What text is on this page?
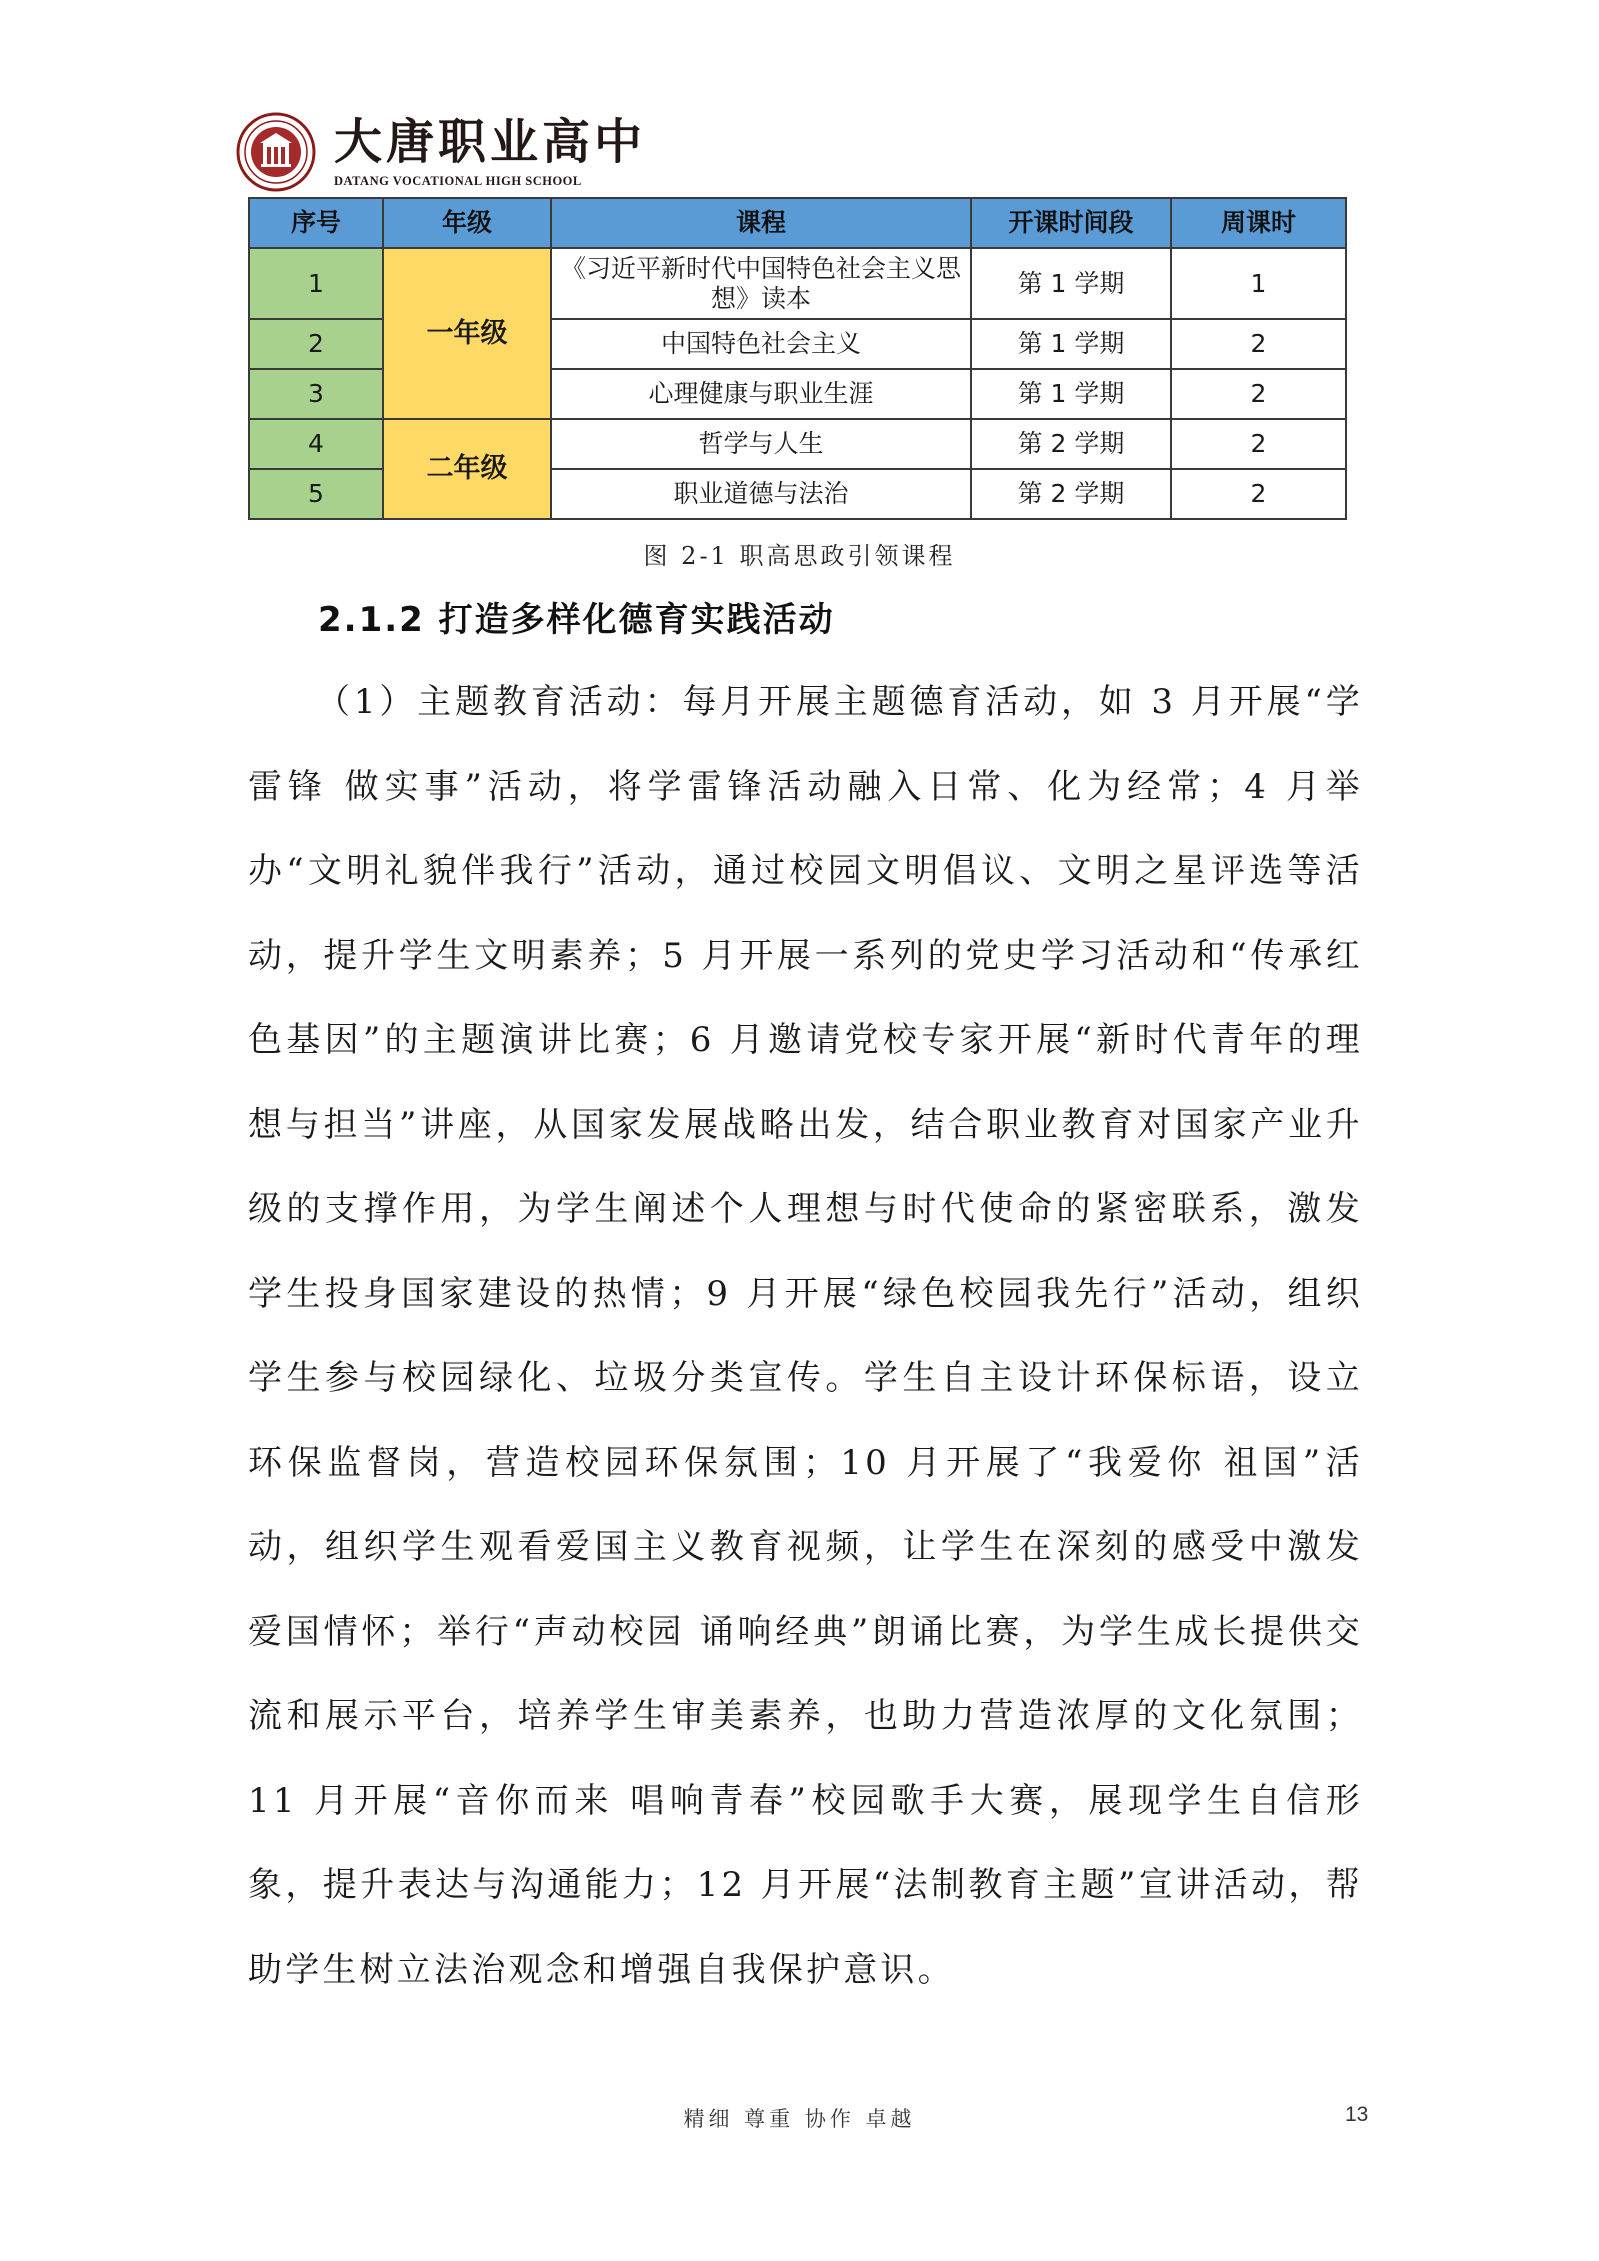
大唐职业高中
DATANG VOCATIONAL HIGH SCHOOL
序号	年级	课程	开课时间段	周课时
1	一年级	《习近平新时代中国特色社会主义思想》读本	第 1 学期	1
2		中国特色社会主义	第 1 学期	2
3		心理健康与职业生涯	第 1 学期	2
4	二年级	哲学与人生	第 2 学期	2
5		职业道德与法治	第 2 学期	2
图 2-1 职高思政引领课程
2.1.2 打造多样化德育实践活动

（1）主题教育活动：每月开展主题德育活动，如 3 月开展“学雷锋 做实事”活动，将学雷锋活动融入日常、化为经常；4 月举办“文明礼貌伴我行”活动，通过校园文明倡议、文明之星评选等活动，提升学生文明素养；5 月开展一系列的党史学习活动和“传承红色基因”的主题演讲比赛；6 月邀请党校专家开展“新时代青年的理想与担当”讲座，从国家发展战略出发，结合职业教育对国家产业升级的支撑作用，为学生阐述个人理想与时代使命的紧密联系，激发学生投身国家建设的热情；9 月开展“绿色校园我先行”活动，组织学生参与校园绿化、垃圾分类宣传。学生自主设计环保标语，设立环保监督岗，营造校园环保氛围；10 月开展了“我爱你 祖国”活动，组织学生观看爱国主义教育视频，让学生在深刻的感受中激发爱国情怀；举行“声动校园 诵响经典”朗诵比赛，为学生成长提供交流和展示平台，培养学生审美素养，也助力营造浓厚的文化氛围；11 月开展“音你而来 唱响青春”校园歌手大赛，展现学生自信形象，提升表达与沟通能力；12 月开展“法制教育主题”宣讲活动，帮助学生树立法治观念和增强自我保护意识。

精细 尊重 协作 卓越	13
